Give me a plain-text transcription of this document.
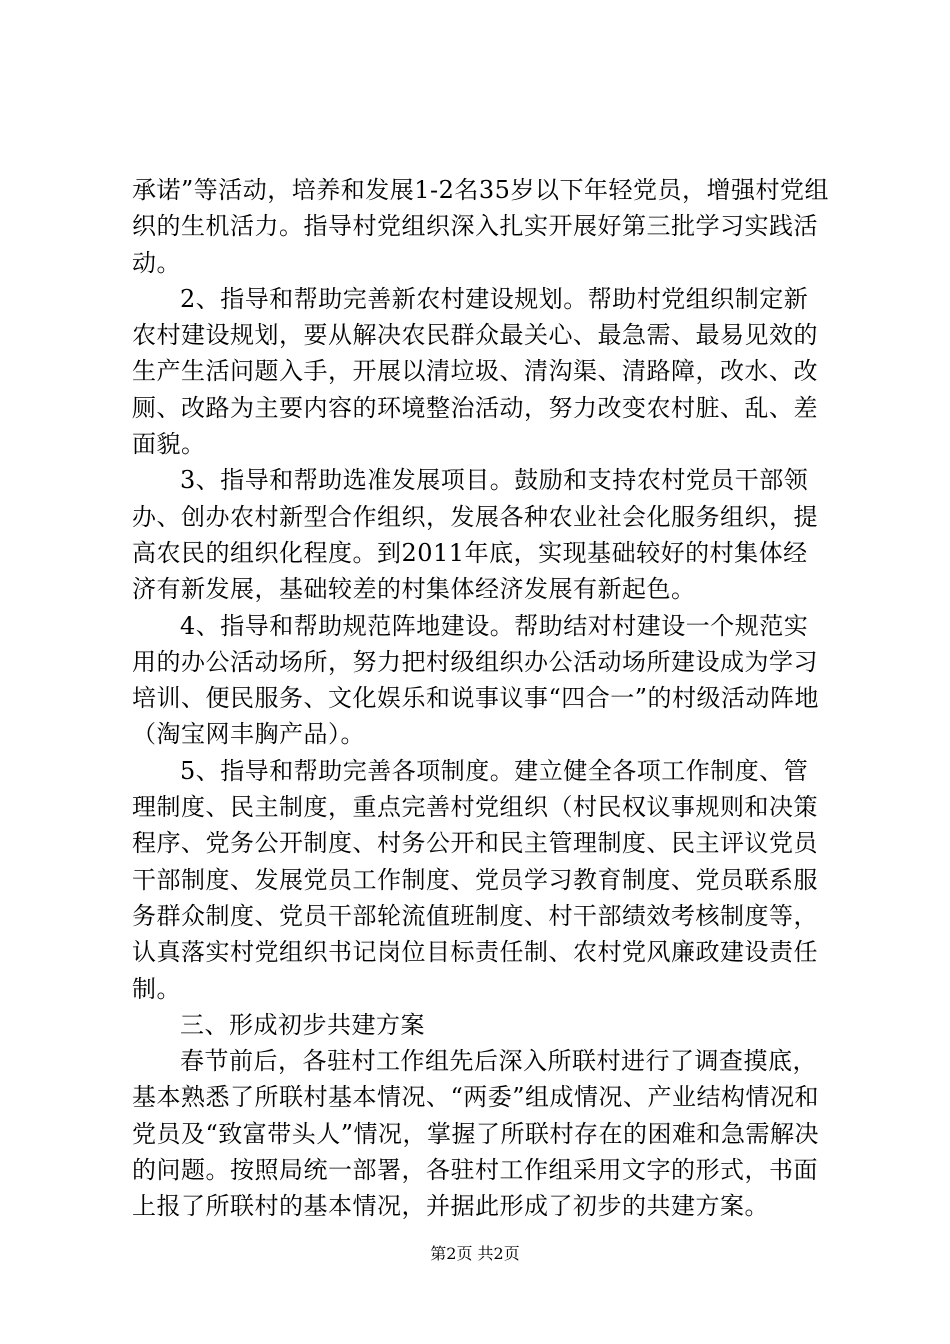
承诺”等活动，培养和发展1-2名35岁以下年轻党员，增强村党组织的生机活力。指导村党组织深入扎实开展好第三批学习实践活动。

2、指导和帮助完善新农村建设规划。帮助村党组织制定新农村建设规划，要从解决农民群众最关心、最急需、最易见效的生产生活问题入手，开展以清垃圾、清沟渠、清路障，改水、改厕、改路为主要内容的环境整治活动，努力改变农村脏、乱、差面貌。

3、指导和帮助选准发展项目。鼓励和支持农村党员干部领办、创办农村新型合作组织，发展各种农业社会化服务组织，提高农民的组织化程度。到2011年底，实现基础较好的村集体经济有新发展，基础较差的村集体经济发展有新起色。

4、指导和帮助规范阵地建设。帮助结对村建设一个规范实用的办公活动场所，努力把村级组织办公活动场所建设成为学习培训、便民服务、文化娱乐和说事议事“四合一”的村级活动阵地（淘宝网丰胸产品）。

5、指导和帮助完善各项制度。建立健全各项工作制度、管理制度、民主制度，重点完善村党组织（村民权议事规则和决策程序、党务公开制度、村务公开和民主管理制度、民主评议党员干部制度、发展党员工作制度、党员学习教育制度、党员联系服务群众制度、党员干部轮流值班制度、村干部绩效考核制度等，认真落实村党组织书记岗位目标责任制、农村党风廉政建设责任制。

三、形成初步共建方案

春节前后，各驻村工作组先后深入所联村进行了调查摸底，基本熟悉了所联村基本情况、“两委”组成情况、产业结构情况和党员及“致富带头人”情况，掌握了所联村存在的困难和急需解决的问题。按照局统一部署，各驻村工作组采用文字的形式，书面上报了所联村的基本情况，并据此形成了初步的共建方案。

第2页 共2页
